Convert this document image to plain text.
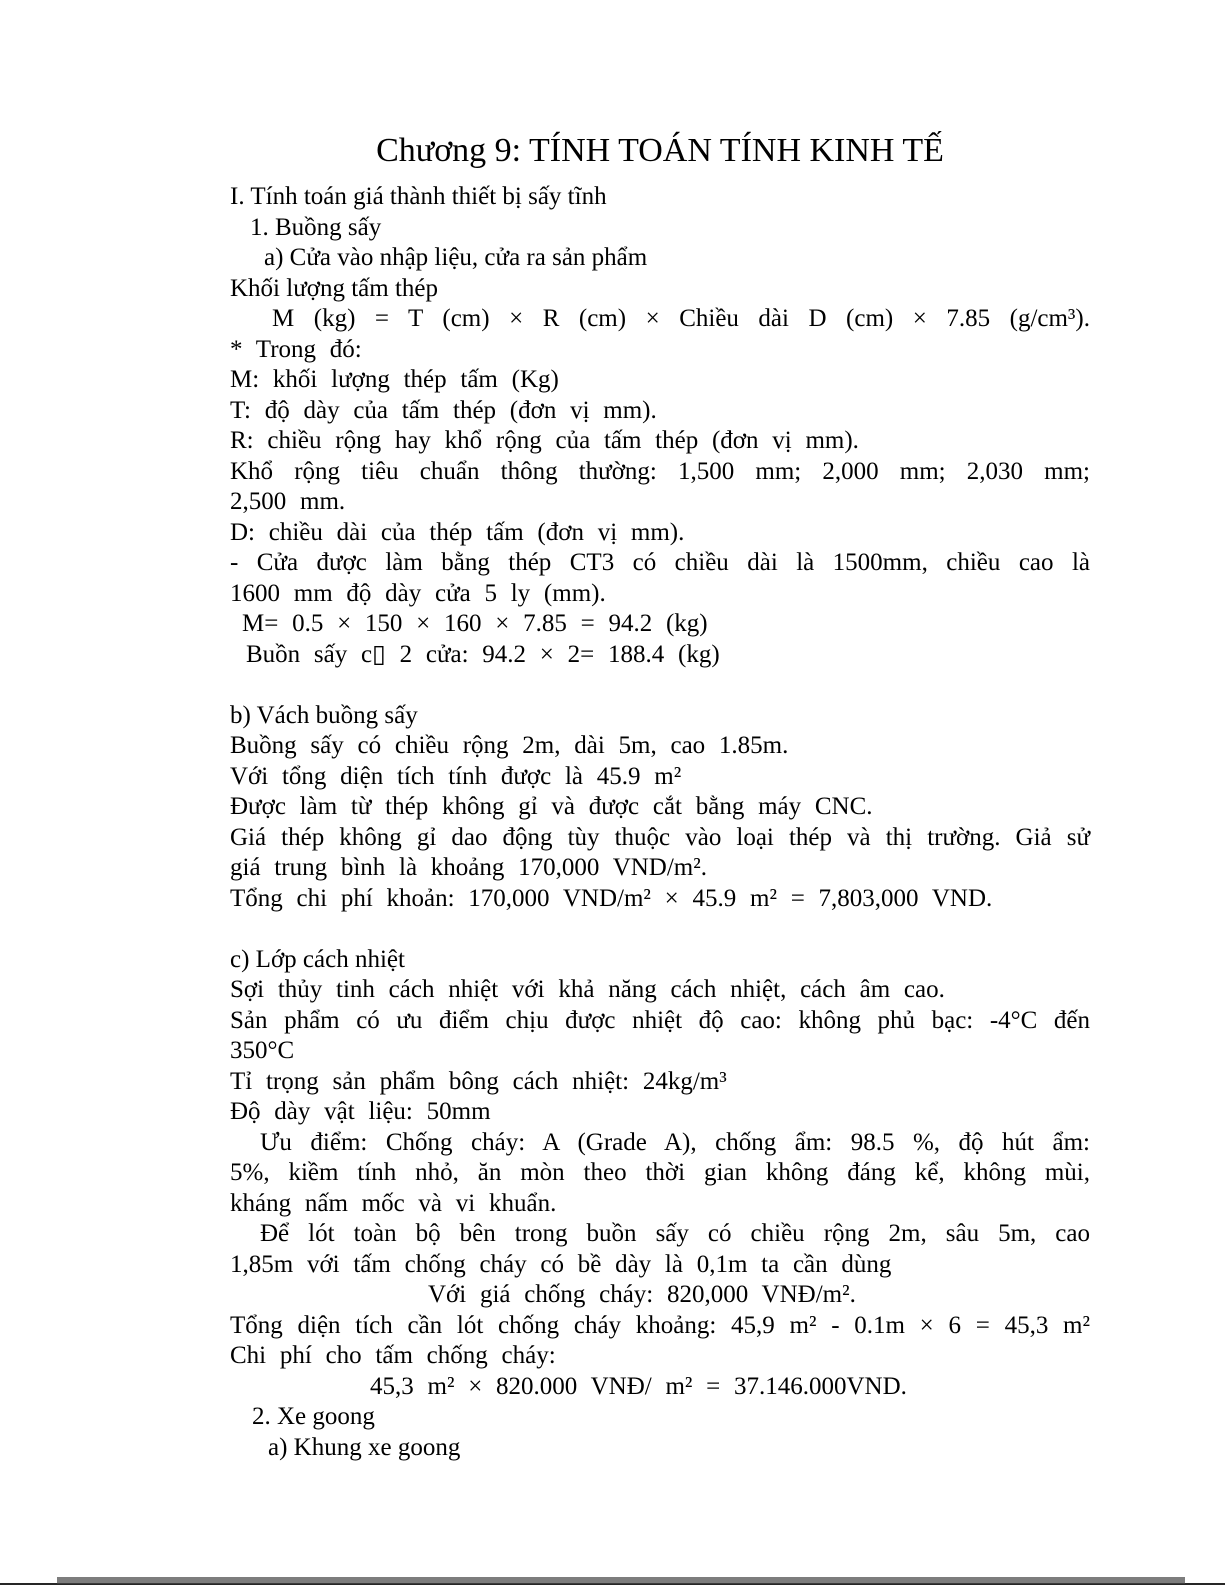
Chương 9: TÍNH TOÁN TÍNH KINH TẾ
I. Tính toán giá thành thiết bị sấy tĩnh
1. Buồng sấy
a) Cửa vào nhập liệu, cửa ra sản phẩm
Khối lượng tấm thép
M (kg) = T (cm) × R (cm) × Chiều dài D (cm) × 7.85 (g/cm³).
* Trong đó:
M: khối lượng thép tấm (Kg)
T: độ dày của tấm thép (đơn vị mm).
R: chiều rộng hay khổ rộng của tấm thép (đơn vị mm).
Khổ rộng tiêu chuẩn thông thường: 1,500 mm; 2,000 mm; 2,030 mm;
2,500 mm.
D: chiều dài của thép tấm (đơn vị mm).
- Cửa được làm bằng thép CT3 có chiều dài là 1500mm, chiều cao là
1600 mm độ dày cửa 5 ly (mm).
M= 0.5 × 150 × 160 × 7.85 = 94.2 (kg)
Buồn sấy c▯ 2 cửa: 94.2 × 2= 188.4 (kg)

b) Vách buồng sấy
Buồng sấy có chiều rộng 2m, dài 5m, cao 1.85m.
Với tổng diện tích tính được là 45.9 m²
Được làm từ thép không gỉ và được cắt bằng máy CNC.
Giá thép không gỉ dao động tùy thuộc vào loại thép và thị trường. Giả sử
giá trung bình là khoảng 170,000 VND/m².
Tổng chi phí khoản: 170,000 VND/m² × 45.9 m² = 7,803,000 VND.

c) Lớp cách nhiệt
Sợi thủy tinh cách nhiệt với khả năng cách nhiệt, cách âm cao.
Sản phẩm có ưu điểm chịu được nhiệt độ cao: không phủ bạc: -4°C đến
350°C
Tỉ trọng sản phẩm bông cách nhiệt: 24kg/m³
Độ dày vật liệu: 50mm
Ưu điểm: Chống cháy: A (Grade A), chống ẩm: 98.5 %, độ hút ẩm:
5%, kiềm tính nhỏ, ăn mòn theo thời gian không đáng kể, không mùi,
kháng nấm mốc và vi khuẩn.
Để lót toàn bộ bên trong buồn sấy có chiều rộng 2m, sâu 5m, cao
1,85m với tấm chống cháy có bề dày là 0,1m ta cần dùng
Với giá chống cháy: 820,000 VNĐ/m².
Tổng diện tích cần lót chống cháy khoảng: 45,9 m² - 0.1m × 6 = 45,3 m²
Chi phí cho tấm chống cháy:
45,3 m² × 820.000 VNĐ/ m² = 37.146.000VND.
2. Xe goong
a) Khung xe goong
